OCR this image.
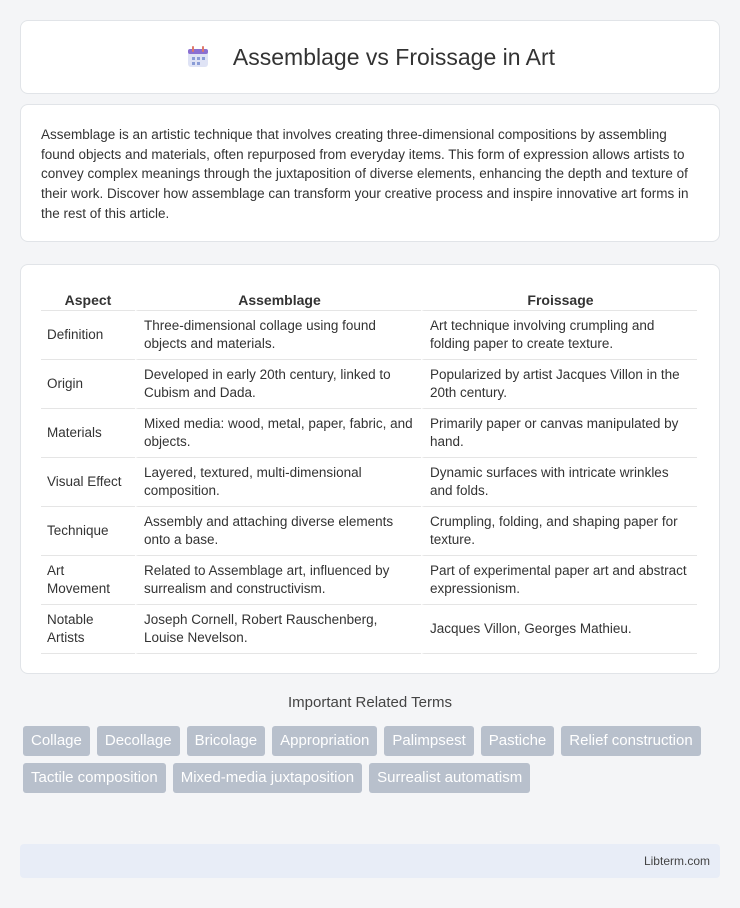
Assemblage vs Froissage in Art

Assemblage is an artistic technique that involves creating three-dimensional compositions by assembling found objects and materials, often repurposed from everyday items. This form of expression allows artists to convey complex meanings through the juxtaposition of diverse elements, enhancing the depth and texture of their work. Discover how assemblage can transform your creative process and inspire innovative art forms in the rest of this article.

Aspect	Assemblage	Froissage
Definition	Three-dimensional collage using found objects and materials.	Art technique involving crumpling and folding paper to create texture.
Origin	Developed in early 20th century, linked to Cubism and Dada.	Popularized by artist Jacques Villon in the 20th century.
Materials	Mixed media: wood, metal, paper, fabric, and objects.	Primarily paper or canvas manipulated by hand.
Visual Effect	Layered, textured, multi-dimensional composition.	Dynamic surfaces with intricate wrinkles and folds.
Technique	Assembly and attaching diverse elements onto a base.	Crumpling, folding, and shaping paper for texture.
Art Movement	Related to Assemblage art, influenced by surrealism and constructivism.	Part of experimental paper art and abstract expressionism.
Notable Artists	Joseph Cornell, Robert Rauschenberg, Louise Nevelson.	Jacques Villon, Georges Mathieu.
Important Related Terms
Collage	Decollage	Bricolage	Appropriation	Palimpsest	Pastiche	Relief construction
Tactile composition	Mixed-media juxtaposition	Surrealist automatism
Libterm.com
